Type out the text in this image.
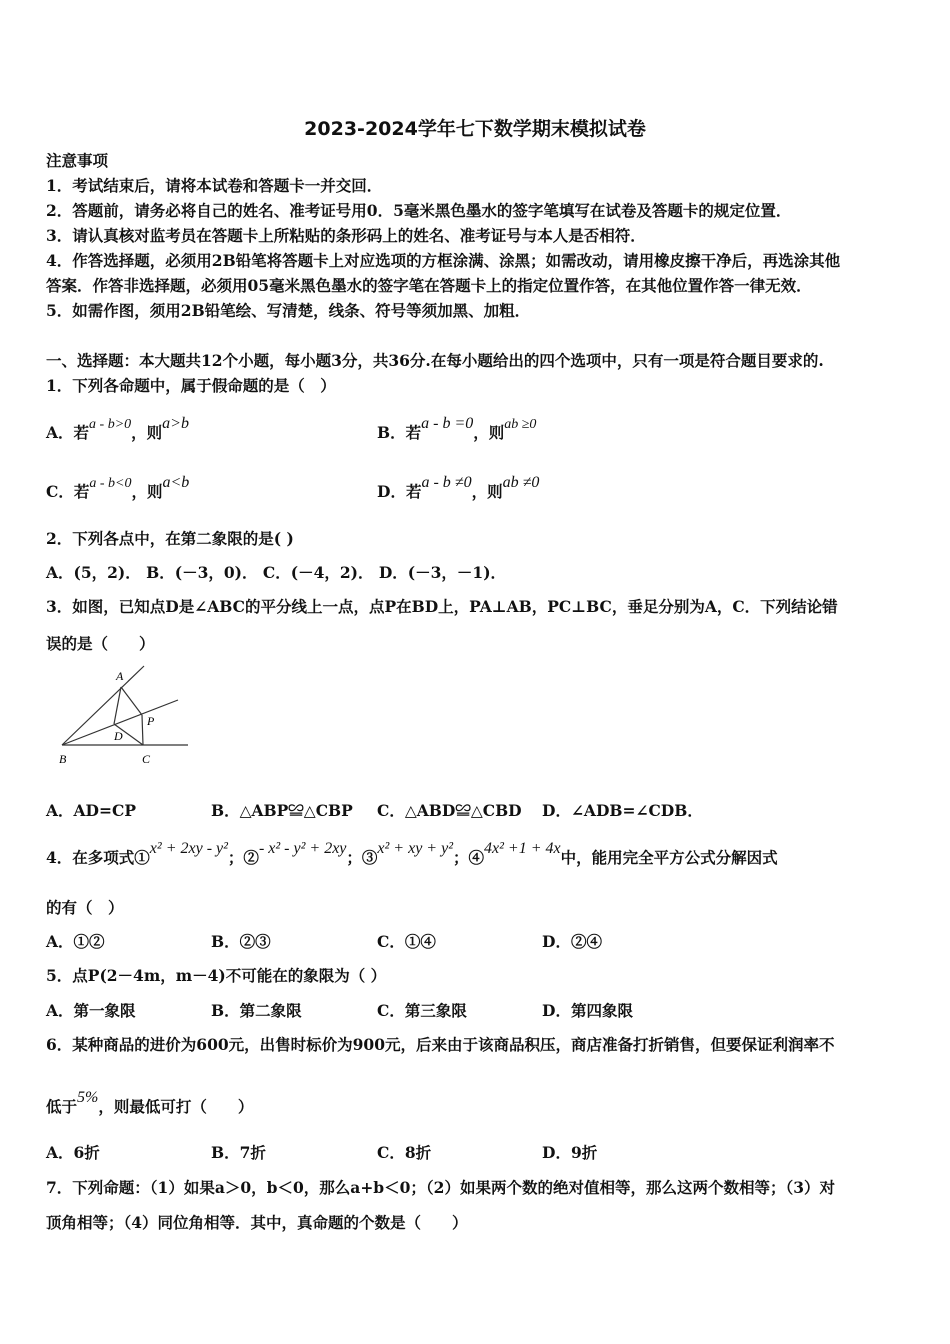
2023-2024学年七下数学期末模拟试卷
注意事项
1．考试结束后，请将本试卷和答题卡一并交回．
2．答题前，请务必将自己的姓名、准考证号用0．5毫米黑色墨水的签字笔填写在试卷及答题卡的规定位置．
3．请认真核对监考员在答题卡上所粘贴的条形码上的姓名、准考证号与本人是否相符．
4．作答选择题，必须用2B铅笔将答题卡上对应选项的方框涂满、涂黑；如需改动，请用橡皮擦干净后，再选涂其他
答案．作答非选择题，必须用05毫米黑色墨水的签字笔在答题卡上的指定位置作答，在其他位置作答一律无效．
5．如需作图，须用2B铅笔绘、写清楚，线条、符号等须加黑、加粗．
一、选择题：本大题共12个小题，每小题3分，共36分.在每小题给出的四个选项中，只有一项是符合题目要求的.
1．下列各命题中，属于假命题的是（　）
A．若a - b>0，则a>b	B．若a - b =0，则ab ≥0
C．若a - b<0，则a<b	D．若a - b ≠0，则ab ≠0
2．下列各点中，在第二象限的是( )
A．(5，2)． B．(－3，0)． C．(－4，2)． D．(－3，－1)．
3．如图，已知点D是∠ABC的平分线上一点，点P在BD上，PA⊥AB，PC⊥BC，垂足分别为A，C．下列结论错
误的是（　　）
A
P
D
B	C
A．AD=CP	B．△ABP≌△CBP C．△ABD≌△CBD D．∠ADB=∠CDB．
4．在多项式①x² + 2xy - y²；②- x² - y² + 2xy；③x² + xy + y²；④4x² +1 + 4x中，能用完全平方公式分解因式
的有（　）
A．①②	B．②③	C．①④	D．②④
5．点P(2－4m，m－4)不可能在的象限为（ ）
A．第一象限	B．第二象限	C．第三象限	D．第四象限
6．某种商品的进价为600元，出售时标价为900元，后来由于该商品积压，商店准备打折销售，但要保证利润率不
低于5%，则最低可打（　　）
A．6折	B．7折	C．8折	D．9折
7．下列命题：（1）如果a＞0，b＜0，那么a+b＜0；（2）如果两个数的绝对值相等，那么这两个数相等；（3）对
顶角相等；（4）同位角相等．其中，真命题的个数是（　　）
